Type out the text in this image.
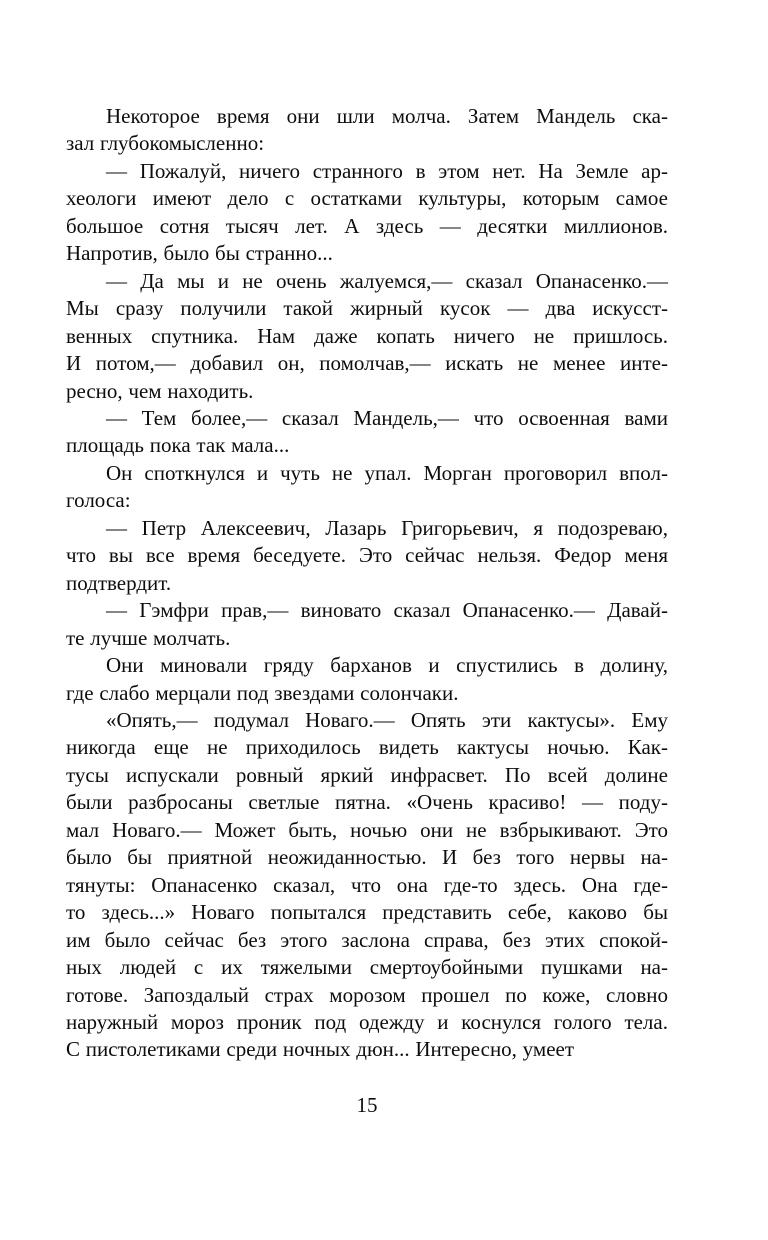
Некоторое время они шли молча. Затем Мандель ска-
зал глубокомысленно:

— Пожалуй, ничего странного в этом нет. На Земле ар-
хеологи имеют дело с остатками культуры, которым самое
большое сотня тысяч лет. А здесь — десятки миллионов.
Напротив, было бы странно...

— Да мы и не очень жалуемся,— сказал Опанасенко.—
Мы сразу получили такой жирный кусок — два искусст-
венных спутника. Нам даже копать ничего не пришлось.
И потом,— добавил он, помолчав,— искать не менее инте-
ресно, чем находить.

— Тем более,— сказал Мандель,— что освоенная вами
площадь пока так мала...

Он споткнулся и чуть не упал. Морган проговорил впол-
голоса:

— Петр Алексеевич, Лазарь Григорьевич, я подозреваю,
что вы все время беседуете. Это сейчас нельзя. Федор меня
подтвердит.

— Гэмфри прав,— виновато сказал Опанасенко.— Давай-
те лучше молчать.

Они миновали гряду барханов и спустились в долину,
где слабо мерцали под звездами солончаки.

«Опять,— подумал Новаго.— Опять эти кактусы». Ему
никогда еще не приходилось видеть кактусы ночью. Как-
тусы испускали ровный яркий инфрасвет. По всей долине
были разбросаны светлые пятна. «Очень красиво! — поду-
мал Новаго.— Может быть, ночью они не взбрыкивают. Это
было бы приятной неожиданностью. И без того нервы на-
тянуты: Опанасенко сказал, что она где-то здесь. Она где-
то здесь...» Новаго попытался представить себе, каково бы
им было сейчас без этого заслона справа, без этих спокой-
ных людей с их тяжелыми смертоубойными пушками на-
готове. Запоздалый страх морозом прошел по коже, словно
наружный мороз проник под одежду и коснулся голого тела.
С пистолетиками среди ночных дюн... Интересно, умеет

15
